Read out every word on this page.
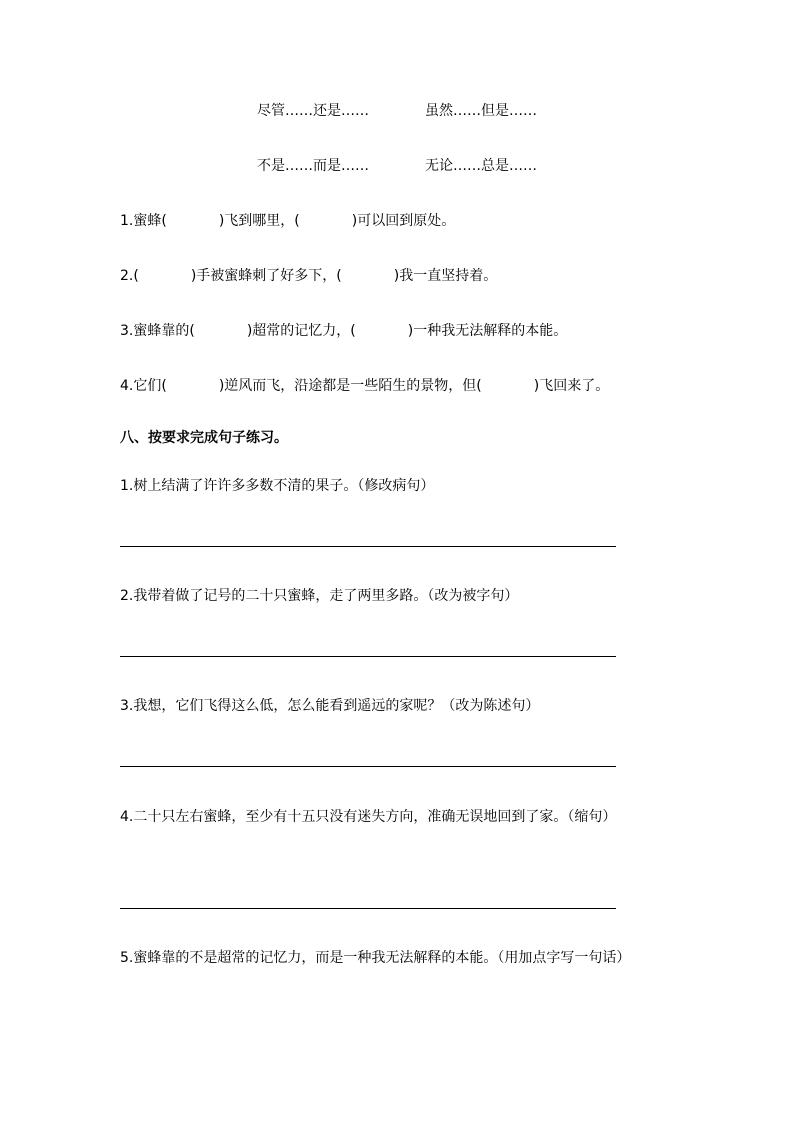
尽管……还是……	虽然……但是……
不是……而是……	无论……总是……
1.蜜蜂(	)飞到哪里，(	)可以回到原处。
2.(	)手被蜜蜂刺了好多下，(	)我一直坚持着。
3.蜜蜂靠的(	)超常的记忆力，(	)一种我无法解释的本能。
4.它们(	)逆风而飞，沿途都是一些陌生的景物，但(	)飞回来了。
八、按要求完成句子练习。
1.树上结满了许许多多数不清的果子。（修改病句）
2.我带着做了记号的二十只蜜蜂，走了两里多路。（改为被字句）
3.我想，它们飞得这么低，怎么能看到遥远的家呢？（改为陈述句）
4.二十只左右蜜蜂，至少有十五只没有迷失方向，准确无误地回到了家。（缩句）
5.蜜蜂靠的不是超常的记忆力，而是一种我无法解释的本能。（用加点字写一句话）
